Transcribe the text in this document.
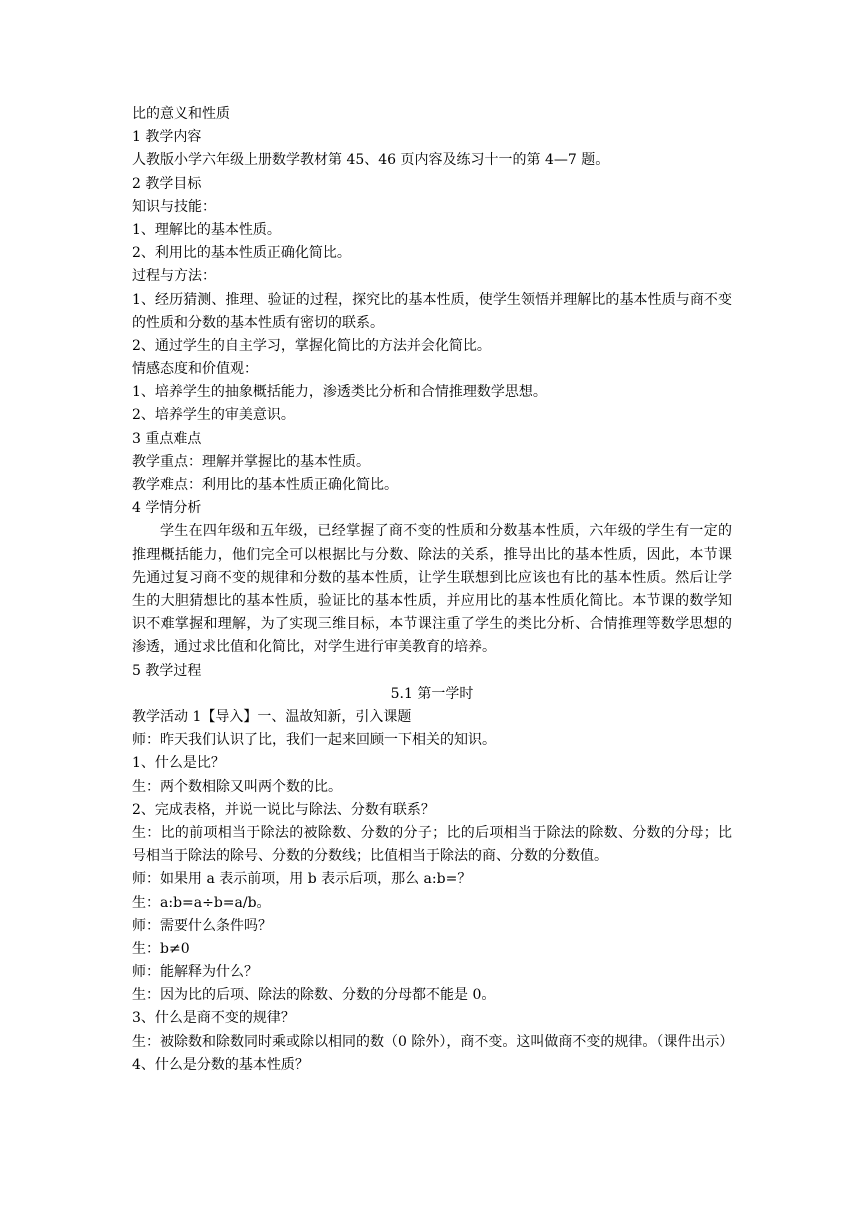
比的意义和性质
1 教学内容
人教版小学六年级上册数学教材第 45、46 页内容及练习十一的第 4—7 题。
2 教学目标
知识与技能：
1、理解比的基本性质。
2、利用比的基本性质正确化简比。
过程与方法：
1、经历猜测、推理、验证的过程，探究比的基本性质，使学生领悟并理解比的基本性质与商不变的性质和分数的基本性质有密切的联系。
2、通过学生的自主学习，掌握化简比的方法并会化简比。
情感态度和价值观：
1、培养学生的抽象概括能力，渗透类比分析和合情推理数学思想。
2、培养学生的审美意识。
3 重点难点
教学重点：理解并掌握比的基本性质。
教学难点：利用比的基本性质正确化简比。
4 学情分析
学生在四年级和五年级，已经掌握了商不变的性质和分数基本性质，六年级的学生有一定的推理概括能力，他们完全可以根据比与分数、除法的关系，推导出比的基本性质，因此，本节课先通过复习商不变的规律和分数的基本性质，让学生联想到比应该也有比的基本性质。然后让学生的大胆猜想比的基本性质，验证比的基本性质，并应用比的基本性质化简比。本节课的数学知识不难掌握和理解，为了实现三维目标，本节课注重了学生的类比分析、合情推理等数学思想的渗透，通过求比值和化简比，对学生进行审美教育的培养。
5 教学过程
5.1 第一学时
教学活动 1【导入】一、温故知新，引入课题
师：昨天我们认识了比，我们一起来回顾一下相关的知识。
1、什么是比？
生：两个数相除又叫两个数的比。
2、完成表格，并说一说比与除法、分数有联系？
生：比的前项相当于除法的被除数、分数的分子；比的后项相当于除法的除数、分数的分母；比号相当于除法的除号、分数的分数线；比值相当于除法的商、分数的分数值。
师：如果用 a 表示前项，用 b 表示后项，那么 a:b=？
生：a:b=a÷b=a/b。
师：需要什么条件吗？
生：b≠0
师：能解释为什么？
生：因为比的后项、除法的除数、分数的分母都不能是 0。
3、什么是商不变的规律？
生：被除数和除数同时乘或除以相同的数（0 除外），商不变。这叫做商不变的规律。（课件出示）
4、什么是分数的基本性质？
